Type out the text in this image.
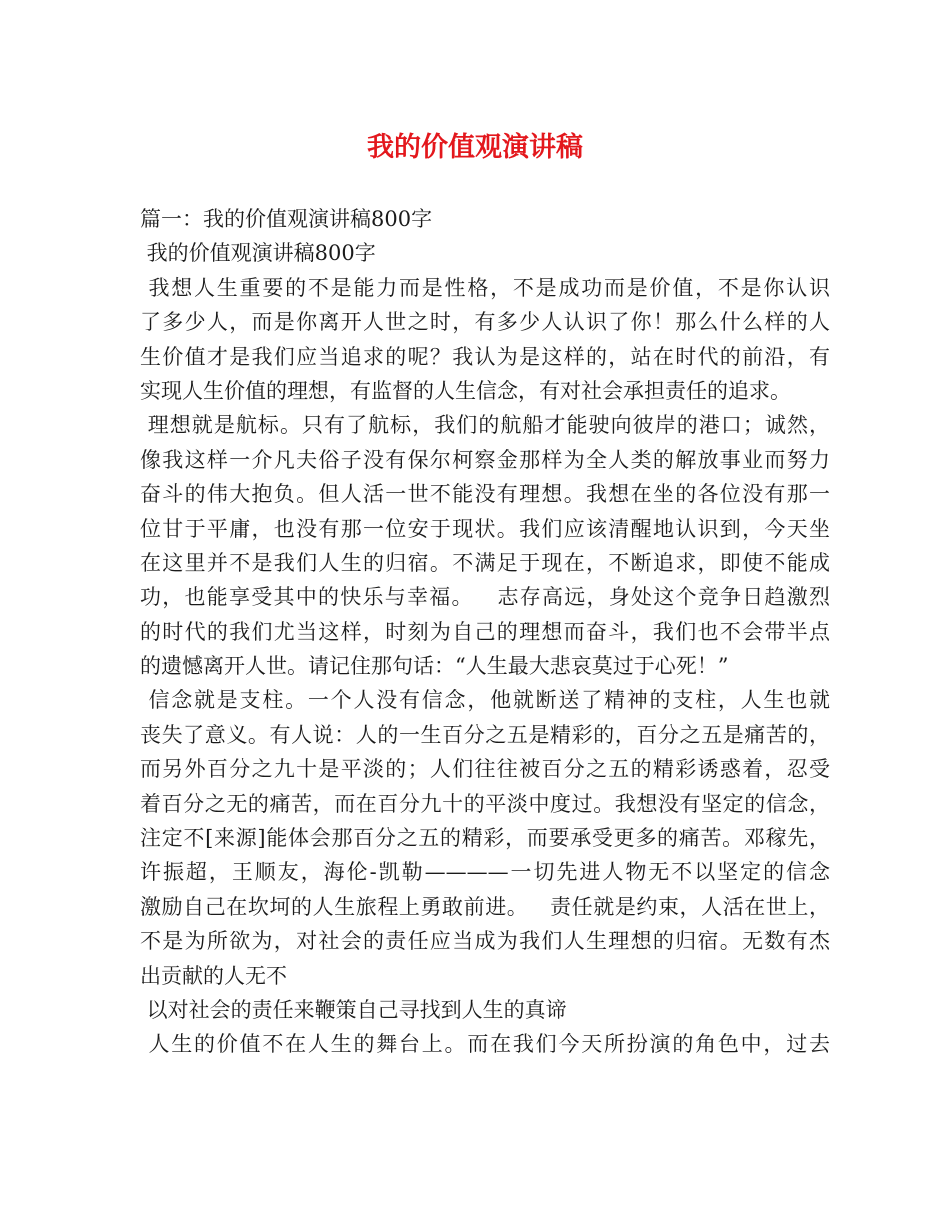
我的价值观演讲稿
篇一：我的价值观演讲稿800字
我的价值观演讲稿800字
我想人生重要的不是能力而是性格，不是成功而是价值，不是你认识
了多少人，而是你离开人世之时，有多少人认识了你！那么什么样的人
生价值才是我们应当追求的呢？我认为是这样的，站在时代的前沿，有
实现人生价值的理想，有监督的人生信念，有对社会承担责任的追求。
理想就是航标。只有了航标，我们的航船才能驶向彼岸的港口；诚然，
像我这样一介凡夫俗子没有保尔柯察金那样为全人类的解放事业而努力
奋斗的伟大抱负。但人活一世不能没有理想。我想在坐的各位没有那一
位甘于平庸，也没有那一位安于现状。我们应该清醒地认识到，今天坐
在这里并不是我们人生的归宿。不满足于现在，不断追求，即使不能成
功，也能享受其中的快乐与幸福。   志存高远，身处这个竞争日趋激烈
的时代的我们尤当这样，时刻为自己的理想而奋斗，我们也不会带半点
的遗憾离开人世。请记住那句话：“人生最大悲哀莫过于心死！”
信念就是支柱。一个人没有信念，他就断送了精神的支柱，人生也就
丧失了意义。有人说：人的一生百分之五是精彩的，百分之五是痛苦的，
而另外百分之九十是平淡的；人们往往被百分之五的精彩诱惑着，忍受
着百分之无的痛苦，而在百分九十的平淡中度过。我想没有坚定的信念，
注定不[来源]能体会那百分之五的精彩，而要承受更多的痛苦。邓稼先，
许振超，王顺友，海伦-凯勒————一切先进人物无不以坚定的信念
激励自己在坎坷的人生旅程上勇敢前进。   责任就是约束，人活在世上，
不是为所欲为，对社会的责任应当成为我们人生理想的归宿。无数有杰
出贡献的人无不
以对社会的责任来鞭策自己寻找到人生的真谛
人生的价值不在人生的舞台上。而在我们今天所扮演的角色中，过去
